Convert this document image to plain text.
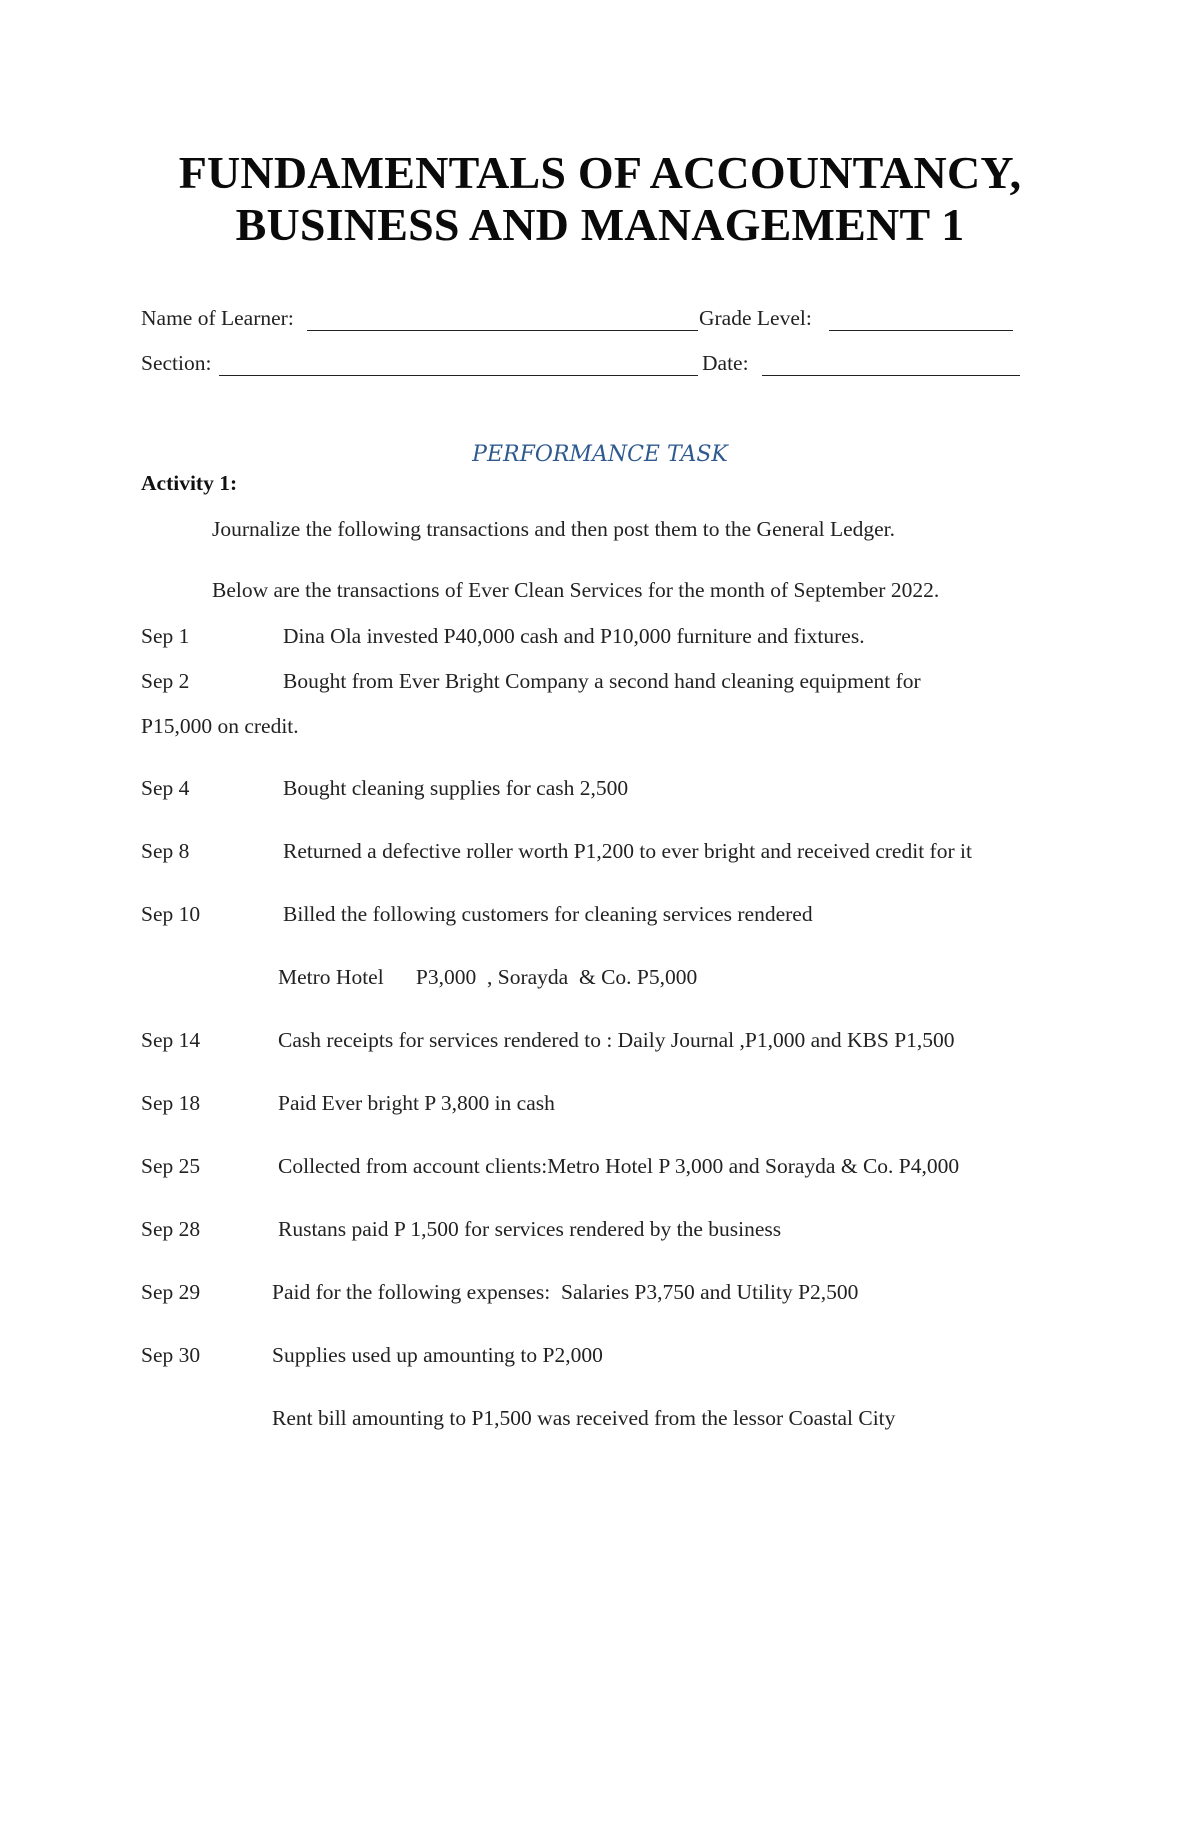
FUNDAMENTALS OF ACCOUNTANCY,
BUSINESS AND MANAGEMENT 1
Name of Learner:	Grade Level:
Section:	Date:
PERFORMANCE TASK
Activity 1:
Journalize the following transactions and then post them to the General Ledger.
Below are the transactions of Ever Clean Services for the month of September 2022.
Sep 1	Dina Ola invested P40,000 cash and P10,000 furniture and fixtures.
Sep 2	Bought from Ever Bright Company a second hand cleaning equipment for
P15,000 on credit.
Sep 4	Bought cleaning supplies for cash 2,500
Sep 8	Returned a defective roller worth P1,200 to ever bright and received credit for it
Sep 10	Billed the following customers for cleaning services rendered
Metro Hotel      P3,000  , Sorayda  & Co. P5,000
Sep 14	Cash receipts for services rendered to : Daily Journal ,P1,000 and KBS P1,500
Sep 18	Paid Ever bright P 3,800 in cash
Sep 25	Collected from account clients:Metro Hotel P 3,000 and Sorayda & Co. P4,000
Sep 28	Rustans paid P 1,500 for services rendered by the business
Sep 29	Paid for the following expenses:  Salaries P3,750 and Utility P2,500
Sep 30	Supplies used up amounting to P2,000
Rent bill amounting to P1,500 was received from the lessor Coastal City
